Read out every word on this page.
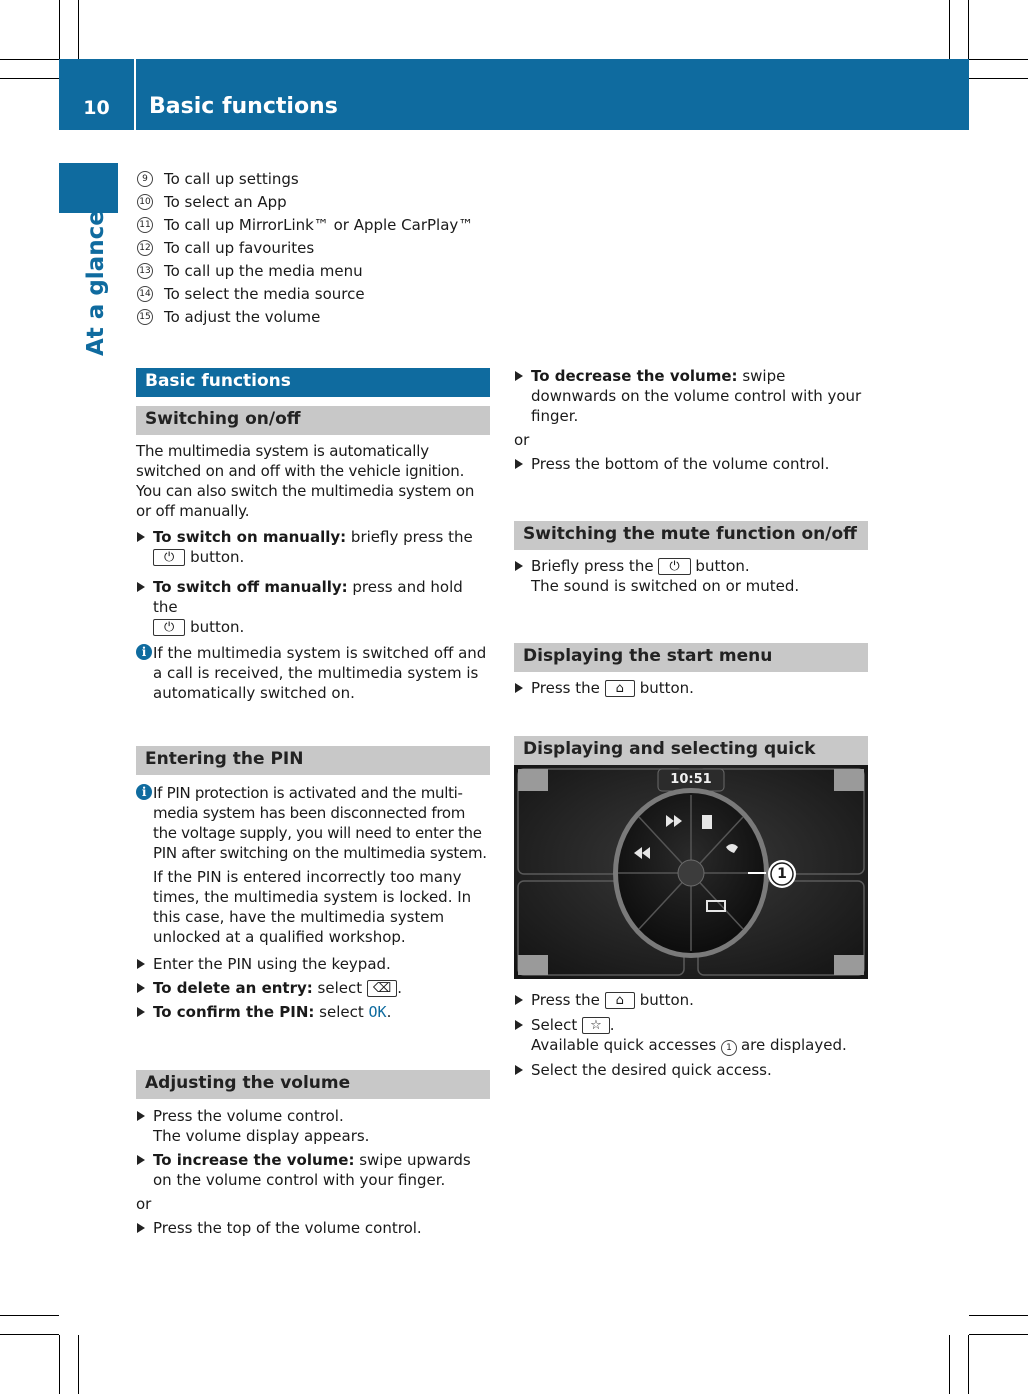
10	Basic functions
At a glance
9	To call up settings
10 To select an App
11 To call up MirrorLink™ or Apple CarPlay™
12 To call up favourites
13 To call up the media menu
14 To select the media source
15 To adjust the volume
Basic functions
Switching on/off

The multimedia system is automatically switched on and off with the vehicle ignition. You can also switch the multimedia system on or off manually.

To switch on manually: briefly press the
⏻ button.
To switch off manually: press and hold the
⏻ button.
i If the multimedia system is switched off and a call is received, the multimedia system is automatically switched on.
Entering the PIN
i If PIN protection is activated and the multi-media system has been disconnected from the voltage supply, you will need to enter the PIN after switching on the multimedia system.
If the PIN is entered incorrectly too many times, the multimedia system is locked. In this case, have the multimedia system unlocked at a qualified workshop.
Enter the PIN using the keypad.
To delete an entry: select ⌫ .
To confirm the PIN: select OK.
Adjusting the volume
Press the volume control.
The volume display appears.
To increase the volume: swipe upwards on the volume control with your finger.

or

Press the top of the volume control.
To decrease the volume: swipe downwards on the volume control with your finger.

or

Press the bottom of the volume control.
Switching the mute function on/off
Briefly press the ⏻ button.
The sound is switched on or muted.
Displaying the start menu
Press the ⌂ button.
Displaying and selecting quick
10:51
1
Press the ⌂ button.
Select ☆ .
Available quick accesses 1 are displayed.
Select the desired quick access.
